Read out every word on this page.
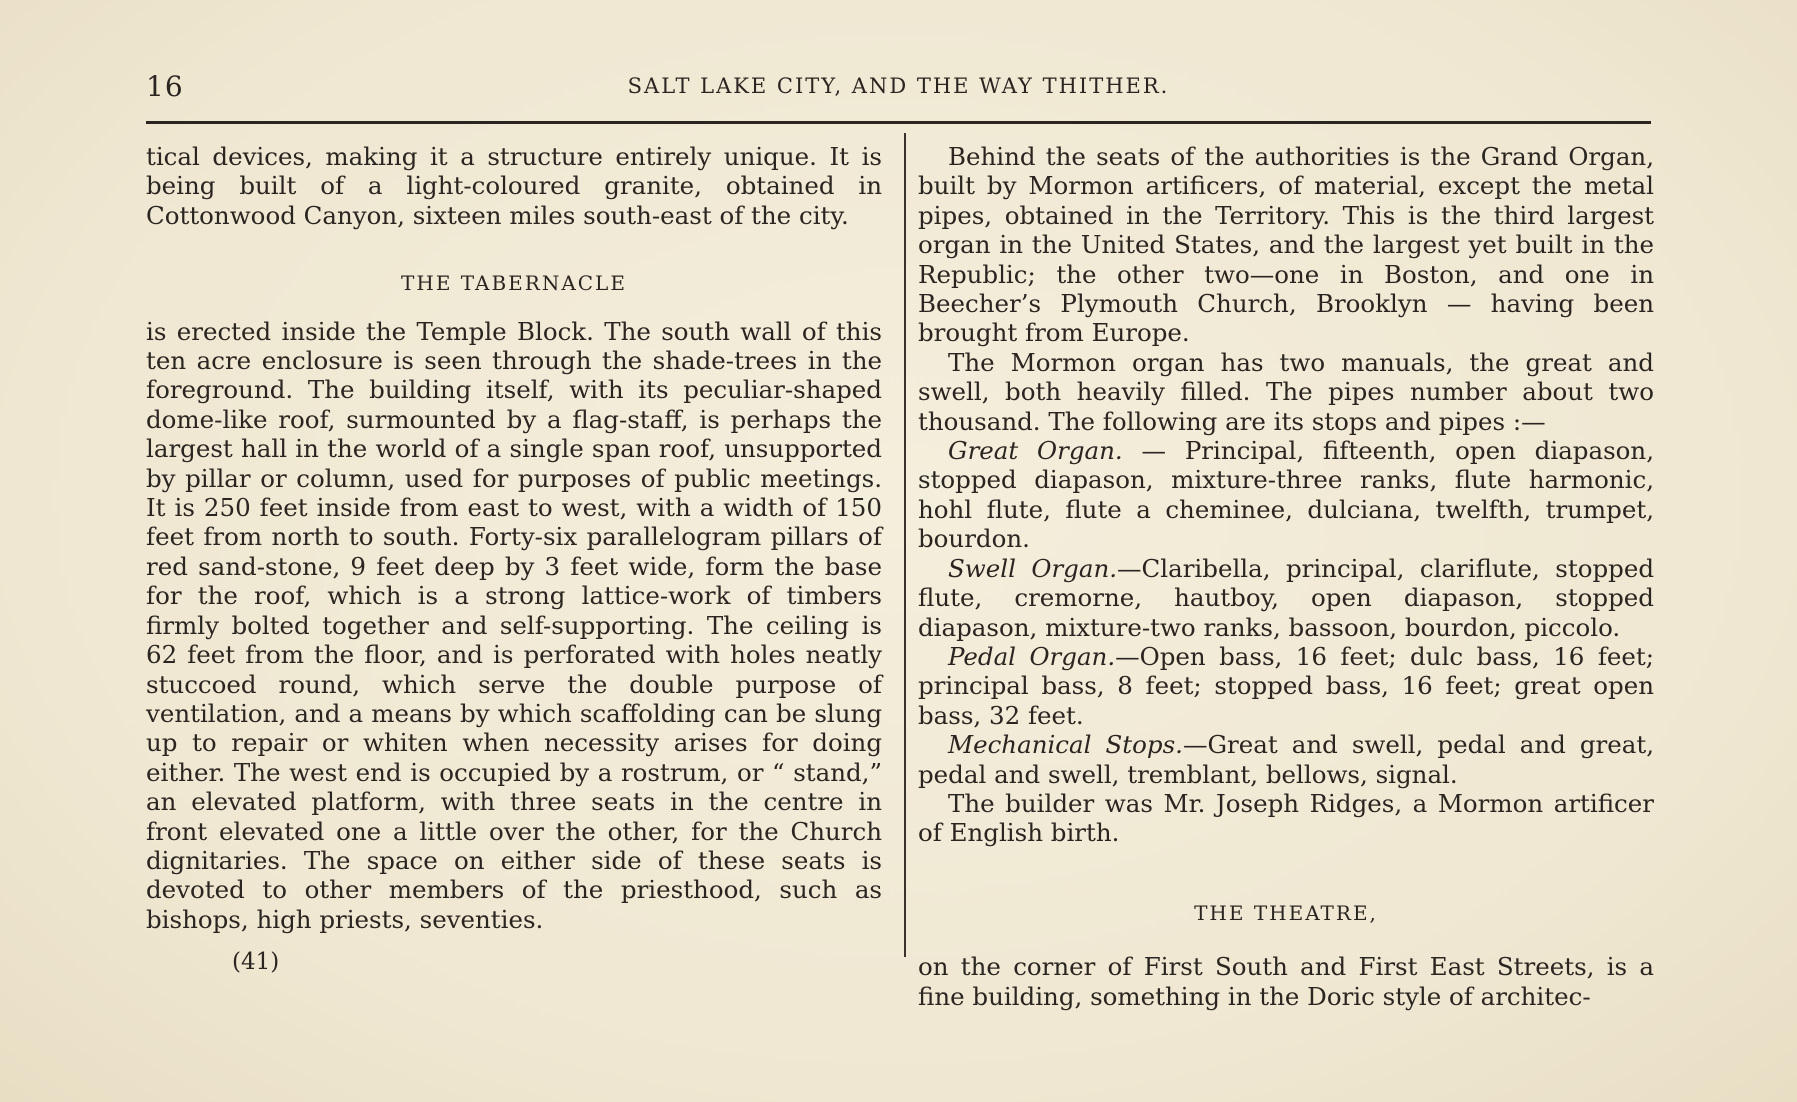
16	SALT LAKE CITY, AND THE WAY THITHER.

tical devices, making it a structure entirely unique. It is being built of a light-coloured granite, obtained in Cottonwood Canyon, sixteen miles south-east of the city.

THE TABERNACLE

is erected inside the Temple Block. The south wall of this ten acre enclosure is seen through the shade-trees in the foreground. The building itself, with its peculiar-shaped dome-like roof, surmounted by a flag-staff, is perhaps the largest hall in the world of a single span roof, unsupported by pillar or column, used for purposes of public meetings. It is 250 feet inside from east to west, with a width of 150 feet from north to south. Forty-six parallelogram pillars of red sand-stone, 9 feet deep by 3 feet wide, form the base for the roof, which is a strong lattice-work of timbers firmly bolted together and self-supporting. The ceiling is 62 feet from the floor, and is perforated with holes neatly stuccoed round, which serve the double purpose of ventilation, and a means by which scaffolding can be slung up to repair or whiten when necessity arises for doing either. The west end is occupied by a rostrum, or “ stand,” an elevated platform, with three seats in the centre in front elevated one a little over the other, for the Church dignitaries. The space on either side of these seats is devoted to other members of the priesthood, such as bishops, high priests, seventies.

(41)

Behind the seats of the authorities is the Grand Organ, built by Mormon artificers, of material, except the metal pipes, obtained in the Territory. This is the third largest organ in the United States, and the largest yet built in the Republic; the other two—one in Boston, and one in Beecher’s Plymouth Church, Brooklyn — having been brought from Europe.

The Mormon organ has two manuals, the great and swell, both heavily filled. The pipes number about two thousand. The following are its stops and pipes :—

Great Organ. — Principal, fifteenth, open diapason, stopped diapason, mixture-three ranks, flute harmonic, hohl flute, flute a cheminee, dulciana, twelfth, trumpet, bourdon.

Swell Organ.—Claribella, principal, clariflute, stopped flute, cremorne, hautboy, open diapason, stopped diapason, mixture-two ranks, bassoon, bourdon, piccolo.

Pedal Organ.—Open bass, 16 feet; dulc bass, 16 feet; principal bass, 8 feet; stopped bass, 16 feet; great open bass, 32 feet.

Mechanical Stops.—Great and swell, pedal and great, pedal and swell, tremblant, bellows, signal.

The builder was Mr. Joseph Ridges, a Mormon artificer of English birth.

THE THEATRE,

on the corner of First South and First East Streets, is a fine building, something in the Doric style of architec-
